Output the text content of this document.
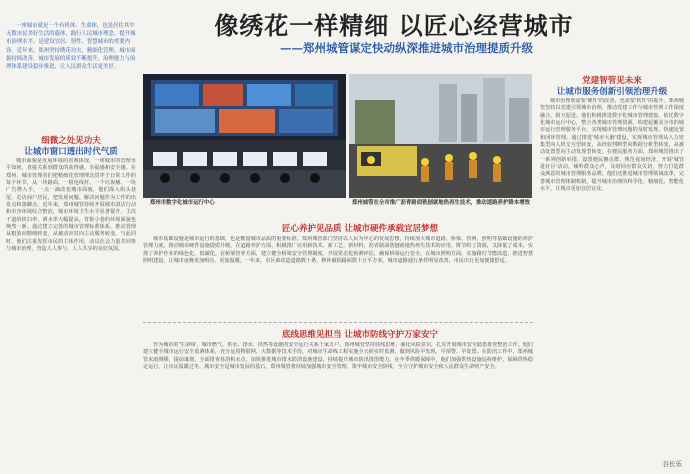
一座城市就是一个有机体、生命体，也是居住其中无数市民美好生活的载体。践行人民城市理念，提升城市治理水平，是建设宜居、韧性、智慧城市的重要内容。近年来，郑州坚持绣花功夫，精细化管理，城市面貌持续改善，城市发展的质效不断提升，治理能力与治理体系建设稳步推进，让人民群众生活更美好。
像绣花一样精细 以匠心经营城市
——郑州城管谋定快动纵深推进城市治理提质升级
郑州市数字化城市运行中心	郑州城管在全市推广沥青路面铣刨就地热再生技术，推动道路养护降本增效
细微之处见功夫
让城市窗口透出时代气质
城市面貌是发展环境的直观体现，一座城市的管理水平如何，直接关系到群众的获得感、幸福感和安全感。在郑州，城市管理者们把精细化管理理念贯穿于日常工作的每个环节，从一块路面、一根电线杆、一个垃圾桶、一块广告牌入手，一点一滴改变城市面貌。他们深入街头巷尾，走访商户居民，把发现问题、解决问题作为工作的出发点和落脚点。近年来，郑州城管持续开展城市清洁行动和市容环境综合整治，城市环境卫生水平显著提升，主次干道的机扫率、洒水率大幅提高，背街小巷的环境面貌也焕然一新。通过建立完善的城市管理标准体系，推动管理从粗放向精细转变，从被动应对向主动服务转变。与此同时，他们注重发挥市民的主体作用，动员社会力量共同参与城市治理，营造人人参与、人人共享的良好氛围。
匠心养护见品质 让城市硬件承载宜居梦想
城市基础设施是城市运行的基础，也是衡量城市品质的重要标准。郑州城管部门坚持以人民为中心的发展思想，持续加大城市道路、桥梁、管网、照明等基础设施的养护管理力度，推动城市硬件设施提质升级。在道路养护方面，积极推广应用新技术、新工艺、新材料，沥青路面铣刨就地热再生技术的应用，既节约了资源，又降低了成本，实现了养护作业的绿色化、低碳化。在桥梁管养方面，建立健全桥梁安全管理制度，开展常态化检测评估，确保桥梁运行安全。在城市照明方面，实施路灯节能改造，推进智慧照明建设，让城市夜晚更加明亮、更加温暖。一年来，市区新改造道路数十条，修补破损路面数十万平方米，城市道路通行条件明显改善，市民出行更加便捷舒适。
底线思维见担当 让城市防线守护万家安宁
作为城市的'生命线'，城市燃气、供水、排水、供热等设施的安全运行关系千家万户。郑州城管坚持底线思维，强化风险意识，扎实开展城市安全隐患排查整治工作。他们建立健全城市运行安全监测体系，充分运用物联网、大数据等技术手段，对城市生命线工程实施全天候实时监测，做到风险早发现、早预警、早处置。在防汛工作中，郑州城管未雨绸缪，提前谋划，全面排查易涝积水点，加快推进城市排水防涝设施建设，持续提升城市防汛排涝能力。在冬季供暖保障中，他们加强供热设施巡检维护，保障供热稳定运行，让市民温暖过冬。城市安全是城市发展的基石，郑州城管将持续加强城市安全管理，筑牢城市安全防线，全力守护城市安全和人民群众生命财产安全。
党建智管见未来
让城市服务创新引领治理升级
城市治理既需要'硬件'的改善，也需要'软件'的提升。郑州城管坚持以党建引领城市治理，推动党建工作与城市管理工作深度融合、相互促进。他们积极推进数字化城市管理建设，依托数字化城市运行中心，整合各类城市管理资源，构建起覆盖全市的城市运行管理服务平台，实现城市管理问题的及时发现、快速处置和闭环管理。通过推进'城市大脑'建设，实现城市管理从人力密集型向人机交互型转变，从经验判断型向数据分析型转变，从被动处置型向主动发现型转变。在便民服务方面，郑州城管推出了一系列创新举措，设置便民摊点群，规范夜间经济，开展'城管进社区'活动，倾听群众心声，及时回应群众关切，努力打造群众满意的城市管理服务品牌。他们还推进城市管理领域改革，完善城市管理体制机制，提升城市治理的科学化、精细化、智能化水平，让城市更加宜居宜业。
谷长乐
